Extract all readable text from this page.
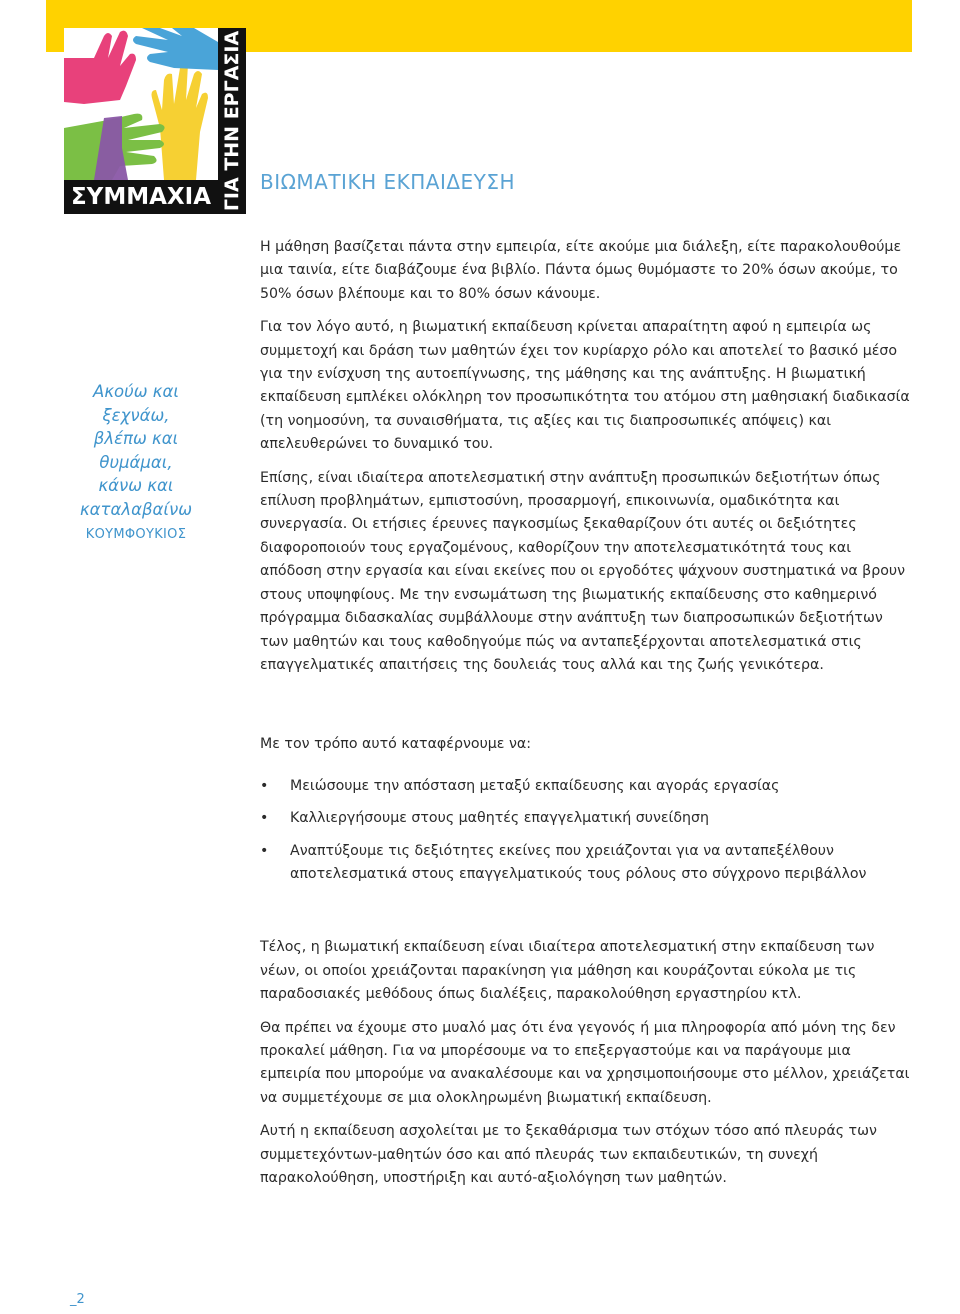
ΣΥΜΜΑΧΙΑ ΓΙΑ ΤΗΝ ΕΡΓΑΣΙΑ ΒΙΩΜΑΤΙΚΗ ΕΚΠΑΙΔΕΥΣΗ
Ακούω και
ξεχνάω,
βλέπω και
θυμάμαι,
κάνω και
καταλαβαίνω
ΚΟΥΜΦΟΥΚΙΟΣ

Η μάθηση βασίζεται πάντα στην εμπειρία, είτε ακούμε μια διάλεξη, είτε παρακολουθούμε μια ταινία, είτε διαβάζουμε ένα βιβλίο. Πάντα όμως θυμόμαστε το 20% όσων ακούμε, το 50% όσων βλέπουμε και το 80% όσων κάνουμε.

Για τον λόγο αυτό, η βιωματική εκπαίδευση κρίνεται απαραίτητη αφού η εμπειρία ως συμμετοχή και δράση των μαθητών έχει τον κυρίαρχο ρόλο και αποτελεί το βασικό μέσο για την ενίσχυση της αυτοεπίγνωσης, της μάθησης και της ανάπτυξης. Η βιωματική εκπαίδευση εμπλέκει ολόκληρη τον προσωπικότητα του ατόμου στη μαθησιακή διαδικασία (τη νοημοσύνη, τα συναισθήματα, τις αξίες και τις διαπροσωπικές απόψεις) και απελευθερώνει το δυναμικό του.

Επίσης, είναι ιδιαίτερα αποτελεσματική στην ανάπτυξη προσωπικών δεξιοτήτων όπως επίλυση προβλημάτων, εμπιστοσύνη, προσαρμογή, επικοινωνία, ομαδικότητα και συνεργασία. Οι ετήσιες έρευνες παγκοσμίως ξεκαθαρίζουν ότι αυτές οι δεξιότητες διαφοροποιούν τους εργαζομένους, καθορίζουν την αποτελεσματικότητά τους και απόδοση στην εργασία και είναι εκείνες που οι εργοδότες ψάχνουν συστηματικά να βρουν στους υποψηφίους. Με την ενσωμάτωση της βιωματικής εκπαίδευσης στο καθημερινό πρόγραμμα διδασκαλίας συμβάλλουμε στην ανάπτυξη των διαπροσωπικών δεξιοτήτων των μαθητών και τους καθοδηγούμε πώς να ανταπεξέρχονται αποτελεσματικά στις επαγγελματικές απαιτήσεις της δουλειάς τους αλλά και της ζωής γενικότερα.

Με τον τρόπο αυτό καταφέρνουμε να:

• Μειώσουμε την απόσταση μεταξύ εκπαίδευσης και αγοράς εργασίας
• Καλλιεργήσουμε στους μαθητές επαγγελματική συνείδηση
• Αναπτύξουμε τις δεξιότητες εκείνες που χρειάζονται για να ανταπεξέλθουν αποτελεσματικά στους επαγγελματικούς τους ρόλους στο σύγχρονο περιβάλλον

Τέλος, η βιωματική εκπαίδευση είναι ιδιαίτερα αποτελεσματική στην εκπαίδευση των νέων, οι οποίοι χρειάζονται παρακίνηση για μάθηση και κουράζονται εύκολα με τις παραδοσιακές μεθόδους όπως διαλέξεις, παρακολούθηση εργαστηρίου κτλ.

Θα πρέπει να έχουμε στο μυαλό μας ότι ένα γεγονός ή μια πληροφορία από μόνη της δεν προκαλεί μάθηση. Για να μπορέσουμε να το επεξεργαστούμε και να παράγουμε μια εμπειρία που μπορούμε να ανακαλέσουμε και να χρησιμοποιήσουμε στο μέλλον, χρειάζεται να συμμετέχουμε σε μια ολοκληρωμένη βιωματική εκπαίδευση.

Αυτή η εκπαίδευση ασχολείται με το ξεκαθάρισμα των στόχων τόσο από πλευράς των συμμετεχόντων-μαθητών όσο και από πλευράς των εκπαιδευτικών, τη συνεχή παρακολούθηση, υποστήριξη και αυτό-αξιολόγηση των μαθητών.

_2
